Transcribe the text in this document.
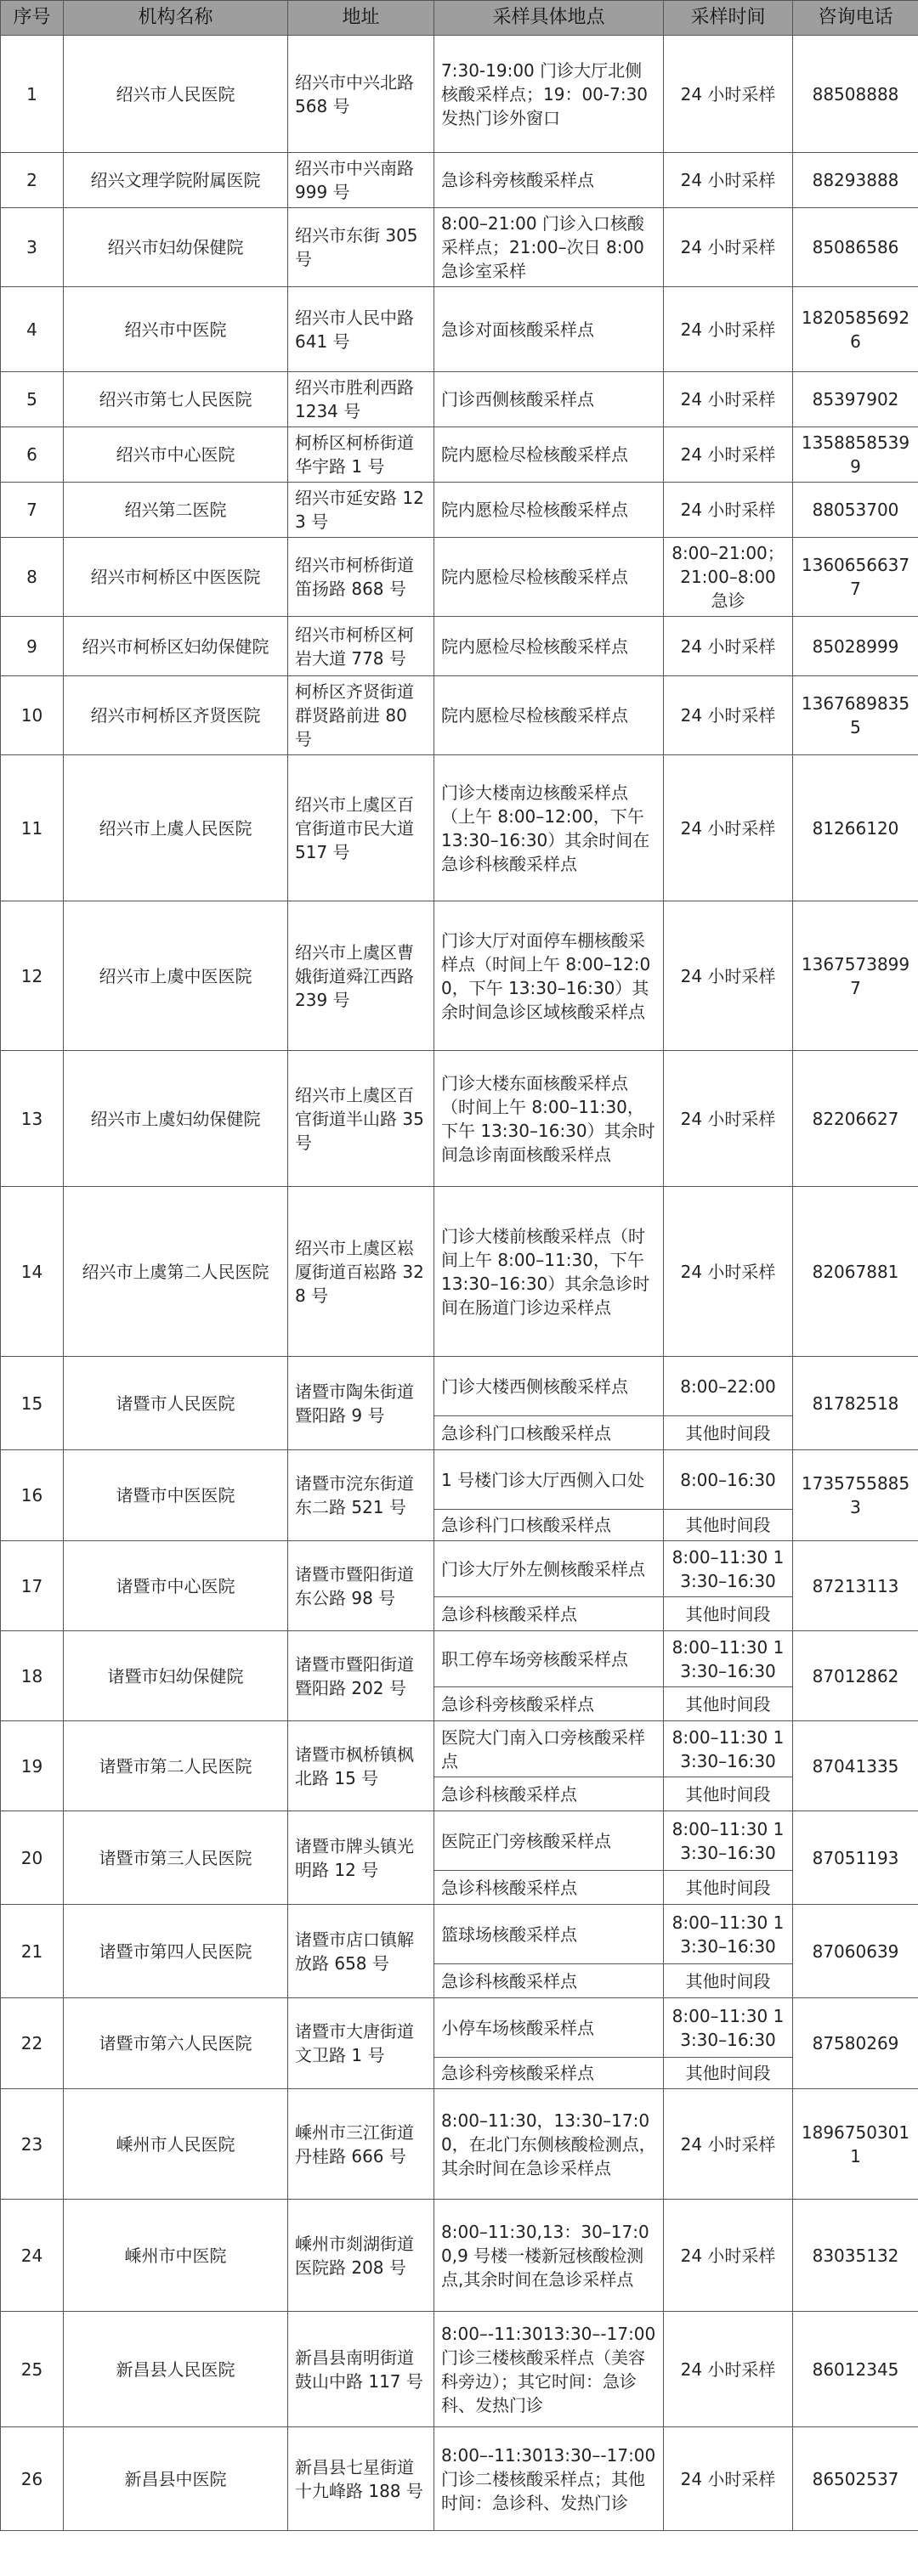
序号	机构名称	地址	采样具体地点	采样时间	咨询电话
1	绍兴市人民医院	绍兴市中兴北路 568 号	7:30-19:00 门诊大厅北侧核酸采样点；19：00-7:30 发热门诊外窗口	24 小时采样	88508888
2	绍兴文理学院附属医院	绍兴市中兴南路 999 号	急诊科旁核酸采样点	24 小时采样	88293888
3	绍兴市妇幼保健院	绍兴市东街 305 号	8:00–21:00 门诊入口核酸采样点；21:00–次日 8:00 急诊室采样	24 小时采样	85086586
4	绍兴市中医院	绍兴市人民中路 641 号	急诊对面核酸采样点	24 小时采样	18205856926
5	绍兴市第七人民医院	绍兴市胜利西路 1234 号	门诊西侧核酸采样点	24 小时采样	85397902
6	绍兴市中心医院	柯桥区柯桥街道华宇路 1 号	院内愿检尽检核酸采样点	24 小时采样	13588585399
7	绍兴第二医院	绍兴市延安路 123 号	院内愿检尽检核酸采样点	24 小时采样	88053700
8	绍兴市柯桥区中医医院	绍兴市柯桥街道笛扬路 868 号	院内愿检尽检核酸采样点	8:00–21:00；21:00–8:00 急诊	13606566377
9	绍兴市柯桥区妇幼保健院	绍兴市柯桥区柯岩大道 778 号	院内愿检尽检核酸采样点	24 小时采样	85028999
10	绍兴市柯桥区齐贤医院	柯桥区齐贤街道群贤路前进 80 号	院内愿检尽检核酸采样点	24 小时采样	13676898355
11	绍兴市上虞人民医院	绍兴市上虞区百官街道市民大道 517 号	门诊大楼南边核酸采样点（上午 8:00–12:00，下午 13:30–16:30）其余时间在急诊科核酸采样点	24 小时采样	81266120
12	绍兴市上虞中医医院	绍兴市上虞区曹娥街道舜江西路 239 号	门诊大厅对面停车棚核酸采样点（时间上午 8:00–12:00，下午 13:30–16:30）其余时间急诊区域核酸采样点	24 小时采样	13675738997
13	绍兴市上虞妇幼保健院	绍兴市上虞区百官街道半山路 35 号	门诊大楼东面核酸采样点（时间上午 8:00–11:30，下午 13:30–16:30）其余时间急诊南面核酸采样点	24 小时采样	82206627
14	绍兴市上虞第二人民医院	绍兴市上虞区崧厦街道百崧路 328 号	门诊大楼前核酸采样点（时间上午 8:00–11:30，下午 13:30–16:30）其余急诊时间在肠道门诊边采样点	24 小时采样	82067881
15	诸暨市人民医院	诸暨市陶朱街道暨阳路 9 号	门诊大楼西侧核酸采样点	8:00–22:00	81782518
			急诊科门口核酸采样点	其他时间段	
16	诸暨市中医医院	诸暨市浣东街道东二路 521 号	1 号楼门诊大厅西侧入口处	8:00–16:30	17357558853
			急诊科门口核酸采样点	其他时间段	
17	诸暨市中心医院	诸暨市暨阳街道东公路 98 号	门诊大厅外左侧核酸采样点	8:00–11:30 13:30–16:30	87213113
			急诊科核酸采样点	其他时间段	
18	诸暨市妇幼保健院	诸暨市暨阳街道暨阳路 202 号	职工停车场旁核酸采样点	8:00–11:30 13:30–16:30	87012862
			急诊科旁核酸采样点	其他时间段	
19	诸暨市第二人民医院	诸暨市枫桥镇枫北路 15 号	医院大门南入口旁核酸采样点	8:00–11:30 13:30–16:30	87041335
			急诊科核酸采样点	其他时间段	
20	诸暨市第三人民医院	诸暨市牌头镇光明路 12 号	医院正门旁核酸采样点	8:00–11:30 13:30–16:30	87051193
			急诊科核酸采样点	其他时间段	
21	诸暨市第四人民医院	诸暨市店口镇解放路 658 号	篮球场核酸采样点	8:00–11:30 13:30–16:30	87060639
			急诊科核酸采样点	其他时间段	
22	诸暨市第六人民医院	诸暨市大唐街道文卫路 1 号	小停车场核酸采样点	8:00–11:30 13:30–16:30	87580269
			急诊科旁核酸采样点	其他时间段	
23	嵊州市人民医院	嵊州市三江街道丹桂路 666 号	8:00–11:30，13:30–17:00，在北门东侧核酸检测点，其余时间在急诊采样点	24 小时采样	18967503011
24	嵊州市中医院	嵊州市剡湖街道医院路 208 号	8:00–11:30,13：30–17:00,9 号楼一楼新冠核酸检测点,其余时间在急诊采样点	24 小时采样	83035132
25	新昌县人民医院	新昌县南明街道鼓山中路 117 号	8:00–-11:3013:30–-17:00 门诊三楼核酸采样点（美容科旁边）；其它时间：急诊科、发热门诊	24 小时采样	86012345
26	新昌县中医院	新昌县七星街道十九峰路 188 号	8:00–-11:3013:30–-17:00 门诊二楼核酸采样点；其他时间：急诊科、发热门诊	24 小时采样	86502537
